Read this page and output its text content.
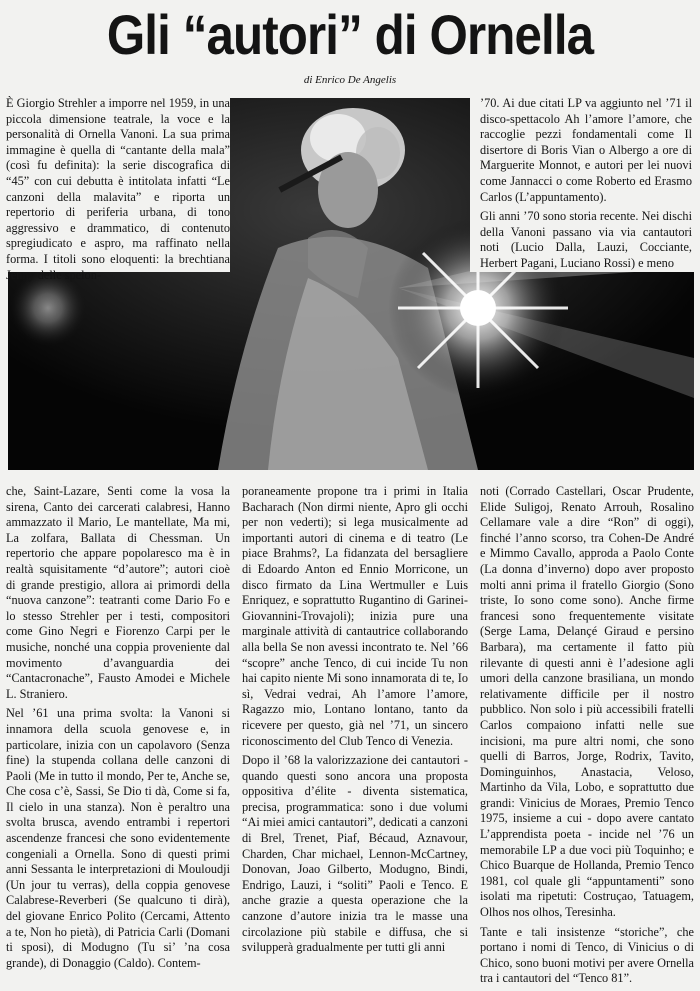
Gli “autori” di Ornella
di Enrico De Angelis

È Giorgio Strehler a imporre nel 1959, in una piccola dimensione teatrale, la voce e la personalità di Ornella Vanoni. La sua prima immagine è quella di “cantante della mala” (così fu definita): la serie discografica di “45” con cui debutta è intitolata infatti “Le canzoni della malavita” e riporta un repertorio di periferia urbana, di tono aggressivo e drammatico, di contenuto spregiudicato e aspro, ma raffinato nella forma. I titoli sono eloquenti: la brechtiana Jenny delle spelon-

’70. Ai due citati LP va aggiunto nel ’71 il disco-spettacolo Ah l’amore l’amore, che raccoglie pezzi fondamentali come Il disertore di Boris Vian o Albergo a ore di Marguerite Monnot, e autori per lei nuovi come Jannacci o come Roberto ed Erasmo Carlos (L’appuntamento).

Gli anni ’70 sono storia recente. Nei dischi della Vanoni passano via via cantautori noti (Lucio Dalla, Lauzi, Cocciante, Herbert Pagani, Luciano Rossi) e meno

che, Saint-Lazare, Senti come la vosa la sirena, Canto dei carcerati calabresi, Hanno ammazzato il Mario, Le mantellate, Ma mi, La zolfara, Ballata di Chessman. Un repertorio che appare popolaresco ma è in realtà squisitamente “d’autore”; autori cioè di grande prestigio, allora ai primordi della “nuova canzone”: teatranti come Dario Fo e lo stesso Strehler per i testi, compositori come Gino Negri e Fiorenzo Carpi per le musiche, nonché una coppia proveniente dal movimento d’avanguardia dei “Cantacronache”, Fausto Amodei e Michele L. Straniero.

Nel ’61 una prima svolta: la Vanoni si innamora della scuola genovese e, in particolare, inizia con un capolavoro (Senza fine) la stupenda collana delle canzoni di Paoli (Me in tutto il mondo, Per te, Anche se, Che cosa c’è, Sassi, Se Dio ti dà, Come si fa, Il cielo in una stanza). Non è peraltro una svolta brusca, avendo entrambi i repertori ascendenze francesi che sono evidentemente congeniali a Ornella. Sono di questi primi anni Sessanta le interpretazioni di Mouloudji (Un jour tu verras), della coppia genovese Calabrese-Reverberi (Se qualcuno ti dirà), del giovane Enrico Polito (Cercami, Attento a te, Non ho pietà), di Patricia Carli (Domani ti sposi), di Modugno (Tu si’ ’na cosa grande), di Donaggio (Caldo). Contem-

poraneamente propone tra i primi in Italia Bacharach (Non dirmi niente, Apro gli occhi per non vederti); si lega musicalmente ad importanti autori di cinema e di teatro (Le piace Brahms?, La fidanzata del bersagliere di Edoardo Anton ed Ennio Morricone, un disco firmato da Lina Wertmuller e Luis Enriquez, e soprattutto Rugantino di Garinei-Giovannini-Trovajoli); inizia pure una marginale attività di cantautrice collaborando alla bella Se non avessi incontrato te. Nel ’66 “scopre” anche Tenco, di cui incide Tu non hai capito niente Mi sono innamorata di te, Io sì, Vedrai vedrai, Ah l’amore l’amore, Ragazzo mio, Lontano lontano, tanto da ricevere per questo, già nel ’71, un sincero riconoscimento del Club Tenco di Venezia.

Dopo il ’68 la valorizzazione dei cantautori - quando questi sono ancora una proposta oppositiva d’élite - diventa sistematica, precisa, programmatica: sono i due volumi “Ai miei amici cantautori”, dedicati a canzoni di Brel, Trenet, Piaf, Bécaud, Aznavour, Charden, Char michael, Lennon-McCartney, Donovan, Joao Gilberto, Modugno, Bindi, Endrigo, Lauzi, i “soliti” Paoli e Tenco. E anche grazie a questa operazione che la canzone d’autore inizia tra le masse una circolazione più stabile e diffusa, che si svilupperà gradualmente per tutti gli anni

noti (Corrado Castellari, Oscar Prudente, Elide Suligoj, Renato Arrouh, Rosalino Cellamare vale a dire “Ron” di oggi), finché l’anno scorso, tra Cohen-De André e Mimmo Cavallo, approda a Paolo Conte (La donna d’inverno) dopo aver proposto molti anni prima il fratello Giorgio (Sono triste, Io sono come sono). Anche firme francesi sono frequentemente visitate (Serge Lama, Delançé Giraud e persino Barbara), ma certamente il fatto più rilevante di questi anni è l’adesione agli umori della canzone brasiliana, un mondo relativamente difficile per il nostro pubblico. Non solo i più accessibili fratelli Carlos compaiono infatti nelle sue incisioni, ma pure altri nomi, che sono quelli di Barros, Jorge, Rodrix, Tavito, Dominguinhos, Anastacia, Veloso, Martinho da Vila, Lobo, e soprattutto due grandi: Vinicius de Moraes, Premio Tenco 1975, insieme a cui - dopo avere cantato L’apprendista poeta - incide nel ’76 un memorabile LP a due voci più Toquinho; e Chico Buarque de Hollanda, Premio Tenco 1981, col quale gli “appuntamenti” sono isolati ma ripetuti: Costruçao, Tatuagem, Olhos nos olhos, Teresinha.

Tante e tali insistenze “storiche”, che portano i nomi di Tenco, di Vinicius o di Chico, sono buoni motivi per avere Ornella tra i cantautori del “Tenco 81”.
